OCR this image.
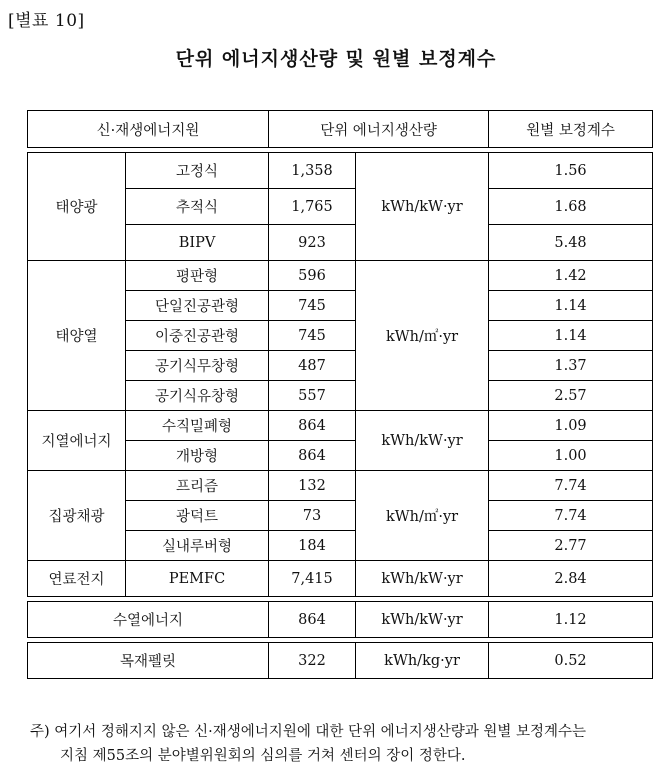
[별표 10]
단위 에너지생산량 및 원별 보정계수
신·재생에너지원		단위 에너지생산량		원별 보정계수

태양광	고정식	1,358	kWh/kW·yr	1.56
	추적식	1,765		1.68
	BIPV	923		5.48
태양열	평판형	596	kWh/㎡·yr	1.42
	단일진공관형	745		1.14
	이중진공관형	745		1.14
	공기식무창형	487		1.37
	공기식유창형	557		2.57
지열에너지	수직밀폐형	864	kWh/kW·yr	1.09
	개방형	864		1.00
집광채광	프리즘	132	kWh/㎡·yr	7.74
	광덕트	73		7.74
	실내루버형	184		2.77
연료전지	PEMFC	7,415	kWh/kW·yr	2.84

수열에너지		864	kWh/kW·yr	1.12

목재펠릿		322	kWh/kg·yr	0.52
주) 여기서 정해지지 않은 신·재생에너지원에 대한 단위 에너지생산량과 원별 보정계수는
지침 제55조의 분야별위원회의 심의를 거쳐 센터의 장이 정한다.
